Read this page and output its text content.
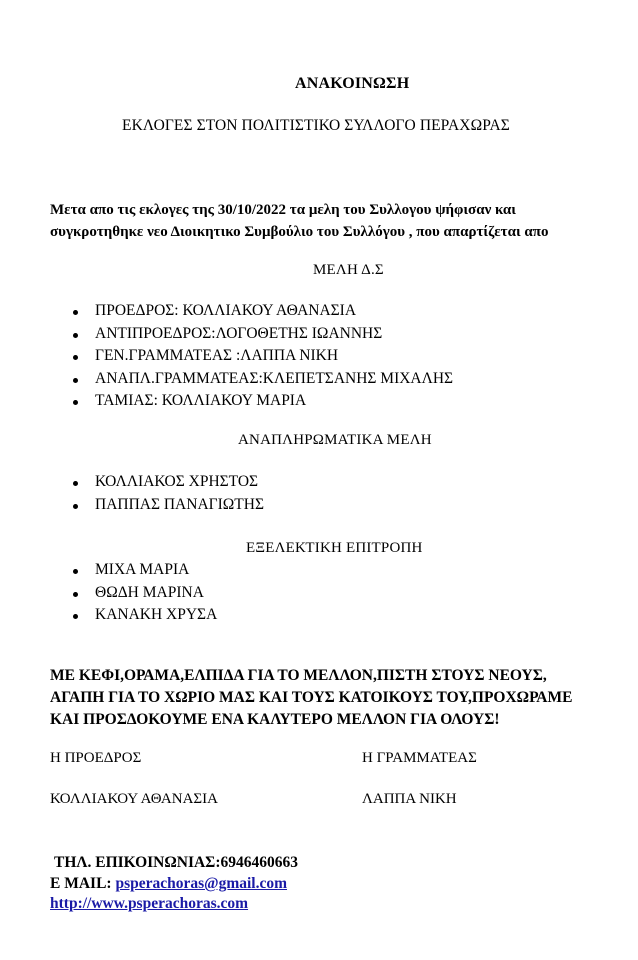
ΑΝΑΚΟΙΝΩΣΗ
ΕΚΛΟΓΕΣ ΣΤΟΝ ΠΟΛΙΤΙΣΤΙΚΟ ΣΥΛΛΟΓΟ ΠΕΡΑΧΩΡΑΣ
Μετα απο τις εκλογες της 30/10/2022 τα μελη του Συλλογου ψήφισαν και
συγκροτηθηκε νεο Διοικητικο Συμβούλιο του Συλλόγου , που απαρτίζεται απο
ΜΕΛΗ Δ.Σ
ΠΡΟΕΔΡΟΣ: ΚΟΛΛΙΑΚΟΥ ΑΘΑΝΑΣΙΑ
ΑΝΤΙΠΡΟΕΔΡΟΣ:ΛΟΓΟΘΕΤΗΣ ΙΩΑΝΝΗΣ
ΓΕΝ.ΓΡΑΜΜΑΤΕΑΣ :ΛΑΠΠΑ ΝΙΚΗ
ΑΝΑΠΛ.ΓΡΑΜΜΑΤΕΑΣ:ΚΛΕΠΕΤΣΑΝΗΣ ΜΙΧΑΛΗΣ
ΤΑΜΙΑΣ: ΚΟΛΛΙΑΚΟΥ ΜΑΡΙΑ
ΑΝΑΠΛΗΡΩΜΑΤΙΚΑ ΜΕΛΗ
ΚΟΛΛΙΑΚΟΣ ΧΡΗΣΤΟΣ
ΠΑΠΠΑΣ ΠΑΝΑΓΙΩΤΗΣ
ΕΞΕΛΕΚΤΙΚΗ ΕΠΙΤΡΟΠΗ
ΜΙΧΑ ΜΑΡΙΑ
ΘΩΔΗ ΜΑΡΙΝΑ
ΚΑΝΑΚΗ ΧΡΥΣΑ
ΜΕ ΚΕΦΙ,ΟΡΑΜΑ,ΕΛΠΙΔΑ ΓΙΑ ΤΟ ΜΕΛΛΟΝ,ΠΙΣΤΗ ΣΤΟΥΣ ΝΕΟΥΣ,
ΑΓΑΠΗ ΓΙΑ ΤΟ ΧΩΡΙΟ ΜΑΣ ΚΑΙ ΤΟΥΣ ΚΑΤΟΙΚΟΥΣ ΤΟΥ,ΠΡΟΧΩΡΑΜΕ
ΚΑΙ ΠΡΟΣΔΟΚΟΥΜΕ ΕΝΑ ΚΑΛΥΤΕΡΟ ΜΕΛΛΟΝ ΓΙΑ ΟΛΟΥΣ!
Η ΠΡΟΕΔΡΟΣ	Η ΓΡΑΜΜΑΤΕΑΣ
ΚΟΛΛΙΑΚΟΥ ΑΘΑΝΑΣΙΑ	ΛΑΠΠΑ ΝΙΚΗ
ΤΗΛ. ΕΠΙΚΟΙΝΩΝΙΑΣ:6946460663
E MAIL: psperachoras@gmail.com
http://www.psperachoras.com
